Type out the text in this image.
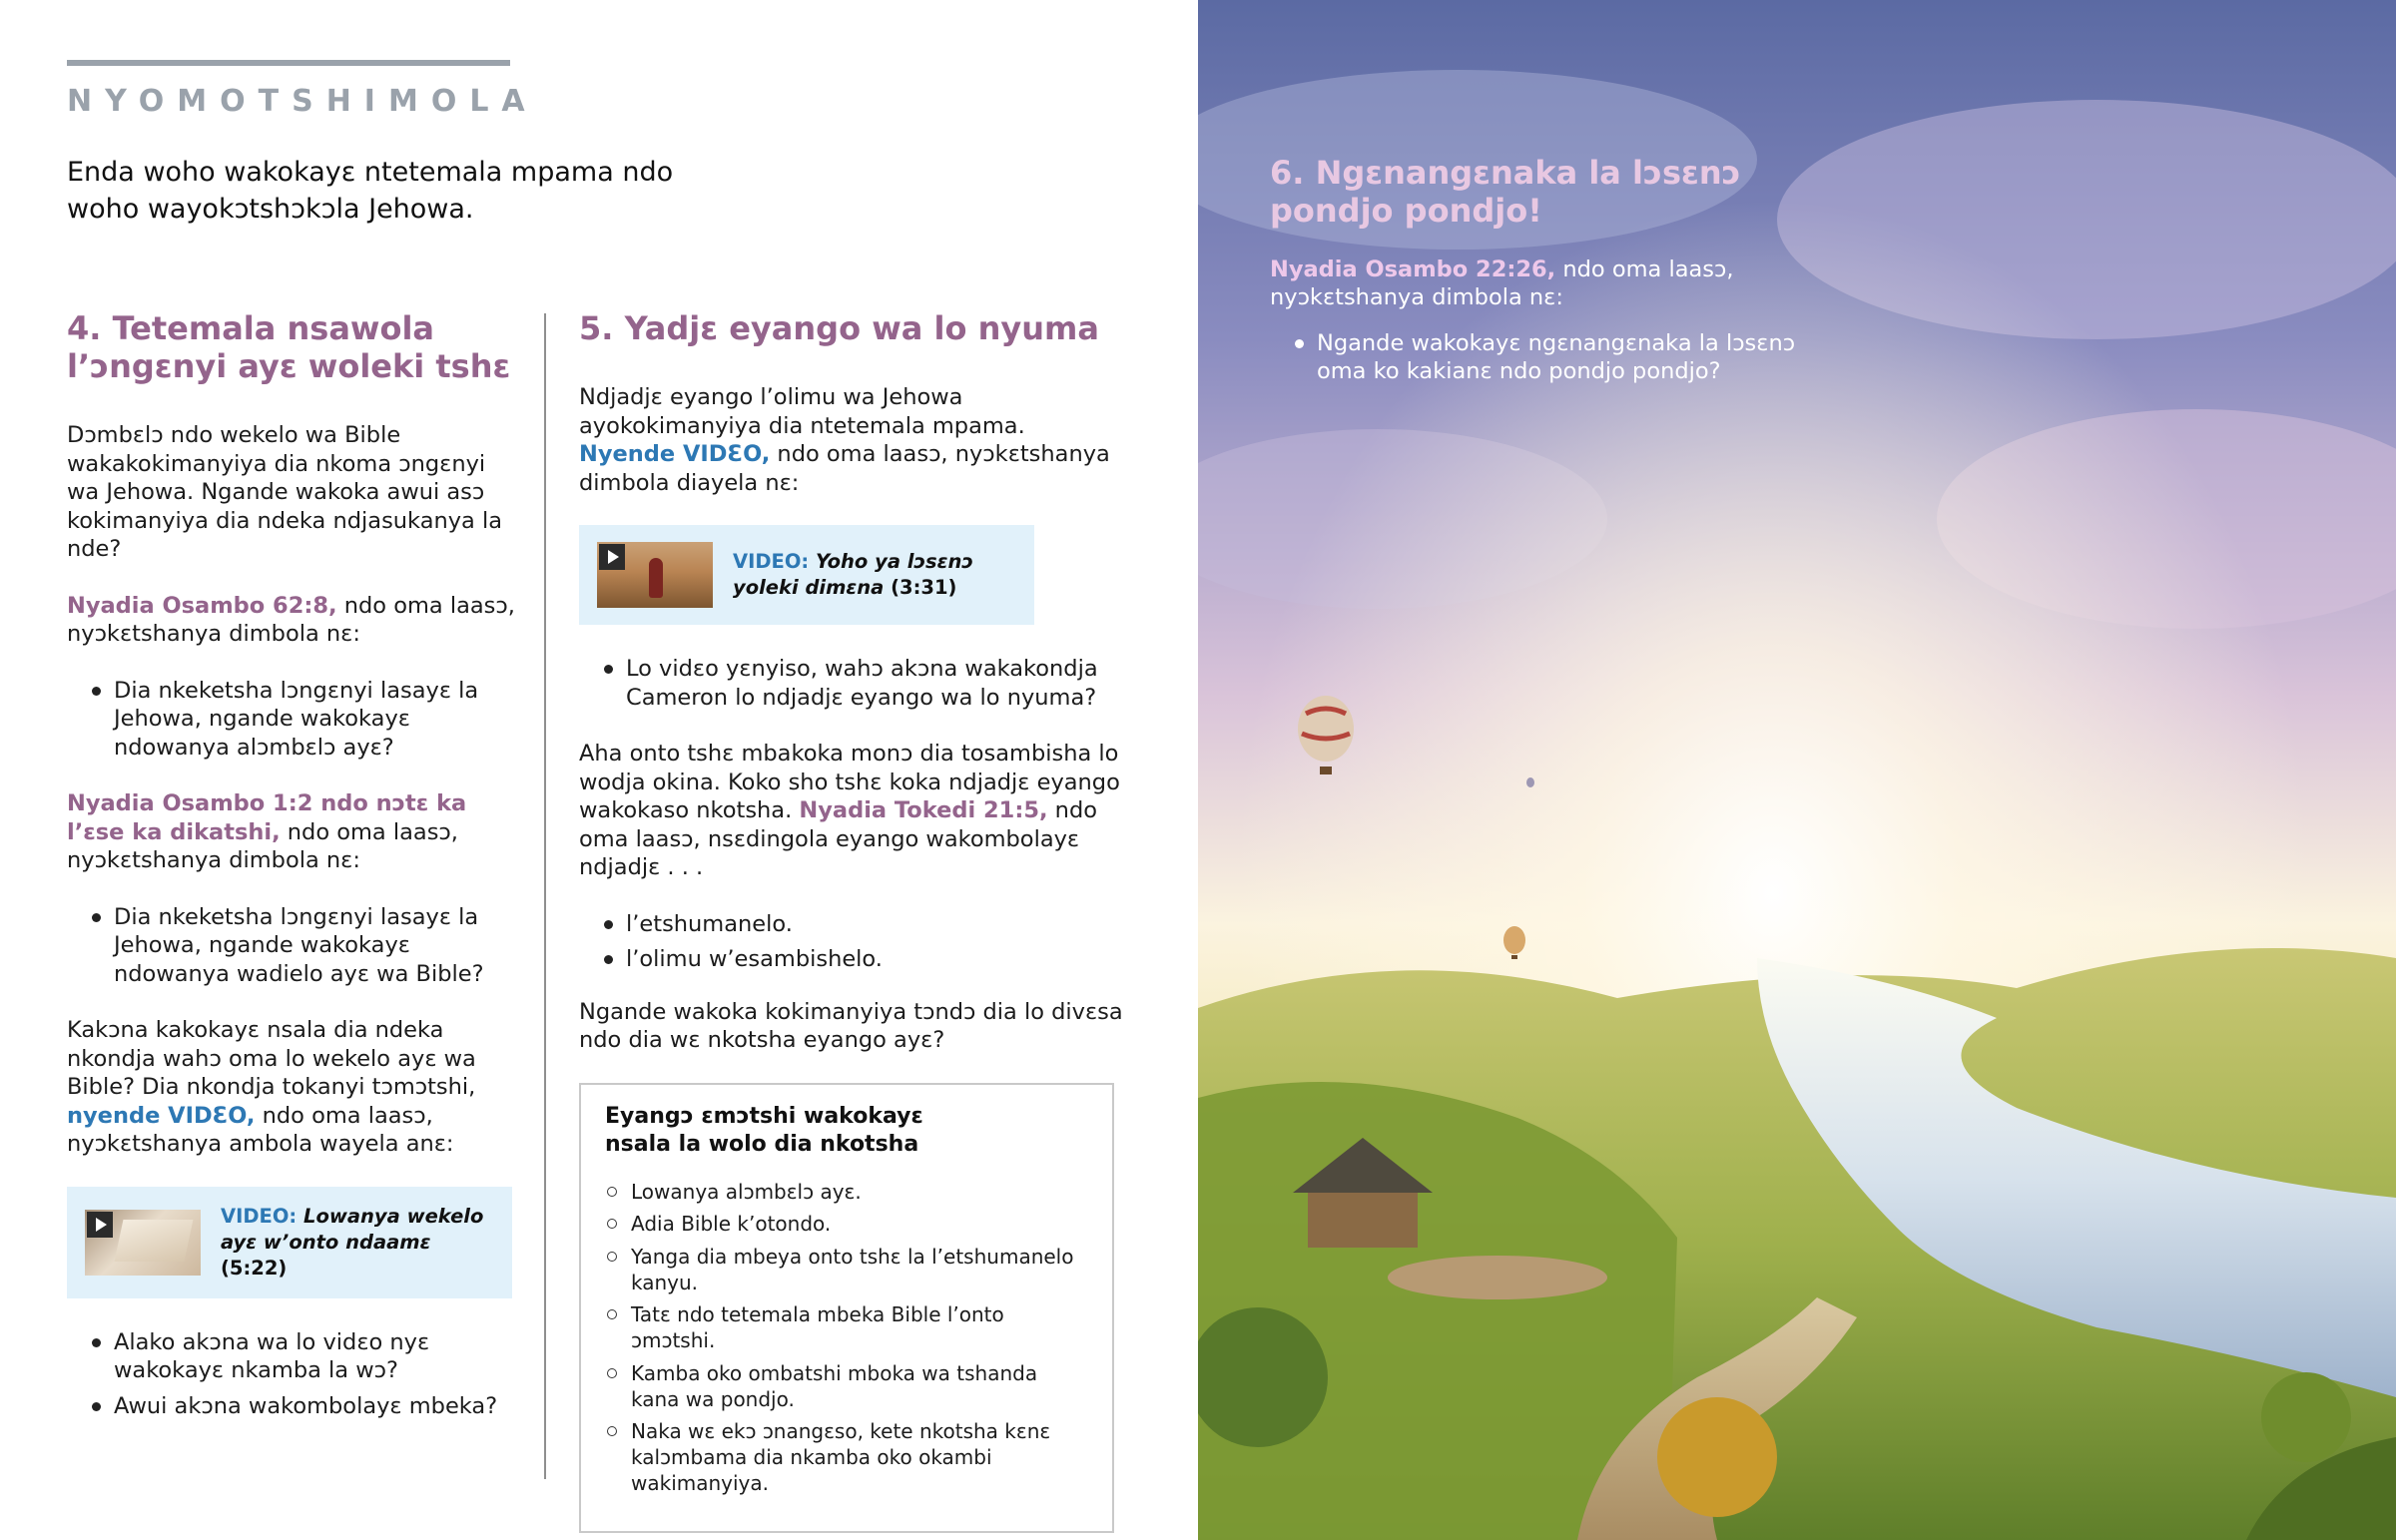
NYOMOTSHIMOLA
Enda woho wakokayɛ ntetemala mpama ndo woho wayokɔtshɔkɔla Jehowa.
4. Tetemala nsawola l’ɔngɛnyi ayɛ woleki tshɛ

Dɔmbɛlɔ ndo wekelo wa Bible wakakokimanyiya dia nkoma ɔngɛnyi wa Jehowa. Ngande wakoka awui asɔ kokimanyiya dia ndeka ndjasukanya la nde?

Nyadia Osambo 62:8, ndo oma laasɔ, nyɔkɛtshanya dimbola nɛ:

Dia nkeketsha lɔngɛnyi lasayɛ la Jehowa, ngande wakokayɛ ndowanya alɔmbɛlɔ ayɛ?

Nyadia Osambo 1:2 ndo nɔtɛ ka l’ɛse ka dikatshi, ndo oma laasɔ, nyɔkɛtshanya dimbola nɛ:

Dia nkeketsha lɔngɛnyi lasayɛ la Jehowa, ngande wakokayɛ ndowanya wadielo ayɛ wa Bible?

Kakɔna kakokayɛ nsala dia ndeka nkondja wahɔ oma lo wekelo ayɛ wa Bible? Dia nkondja tokanyi tɔmɔtshi, nyende VIDƐO, ndo oma laasɔ, nyɔkɛtshanya ambola wayela anɛ:

VIDEO: Lowanya wekelo ayɛ w’onto ndaamɛ (5:22)
Alako akɔna wa lo vidɛo nyɛ wakokayɛ nkamba la wɔ?
Awui akɔna wakombolayɛ mbeka?
5. Yadjɛ eyango wa lo nyuma

Ndjadjɛ eyango l’olimu wa Jehowa ayokokimanyiya dia ntetemala mpama. Nyende VIDƐO, ndo oma laasɔ, nyɔkɛtshanya dimbola diayela nɛ:

VIDEO: Yoho ya lɔsɛnɔ yoleki dimɛna (3:31)
Lo vidɛo yɛnyiso, wahɔ akɔna wakakondja Cameron lo ndjadjɛ eyango wa lo nyuma?

Aha onto tshɛ mbakoka monɔ dia tosambisha lo wodja okina. Koko sho tshɛ koka ndjadjɛ eyango wakokaso nkotsha. Nyadia Tokedi 21:5, ndo oma laasɔ, nsɛdingola eyango wakombolayɛ ndjadjɛ . . .

l’etshumanelo.
l’olimu w’esambishelo.

Ngande wakoka kokimanyiya tɔndɔ dia lo divɛsa ndo dia wɛ nkotsha eyango ayɛ?

Eyangɔ ɛmɔtshi wakokayɛ nsala la wolo dia nkotsha
Lowanya alɔmbɛlɔ ayɛ.
Adia Bible k’otondo.
Yanga dia mbeya onto tshɛ la l’etshumanelo kanyu.
Tatɛ ndo tetemala mbeka Bible l’onto ɔmɔtshi.
Kamba oko ombatshi mboka wa tshanda kana wa pondjo.
Naka wɛ ekɔ ɔnangɛso, kete nkotsha kɛnɛ kalɔmbama dia nkamba oko okambi wakimanyiya.
6. Ngɛnangɛnaka la lɔsɛnɔ pondjo pondjo!

Nyadia Osambo 22:26, ndo oma laasɔ, nyɔkɛtshanya dimbola nɛ:

Ngande wakokayɛ ngɛnangɛnaka la lɔsɛnɔ oma ko kakianɛ ndo pondjo pondjo?
